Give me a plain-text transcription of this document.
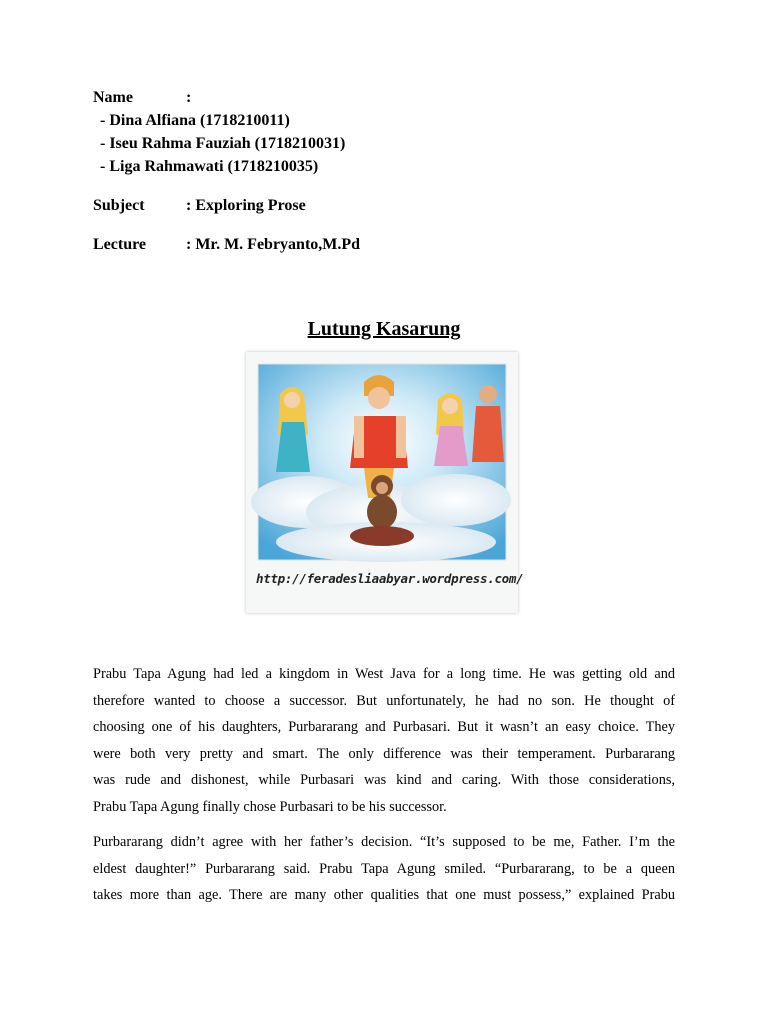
Name	:
- Dina Alfiana (1718210011)
- Iseu Rahma Fauziah (1718210031)
- Liga Rahmawati (1718210035)
Subject	: Exploring Prose
Lecture : Mr. M. Febryanto,M.Pd
Lutung Kasarung
http://feradesliaabyar.wordpress.com/
Prabu Tapa Agung had led a kingdom in West Java for a long time. He was getting old and
therefore wanted to choose a successor. But unfortunately, he had no son. He thought of
choosing one of his daughters, Purbararang and Purbasari. But it wasn’t an easy choice. They
were both very pretty and smart. The only difference was their temperament. Purbararang
was rude and dishonest, while Purbasari was kind and caring. With those considerations,
Prabu Tapa Agung finally chose Purbasari to be his successor.
Purbararang didn’t agree with her father’s decision. “It’s supposed to be me, Father. I’m the
eldest daughter!” Purbararang said. Prabu Tapa Agung smiled. “Purbararang, to be a queen
takes more than age. There are many other qualities that one must possess,” explained Prabu
